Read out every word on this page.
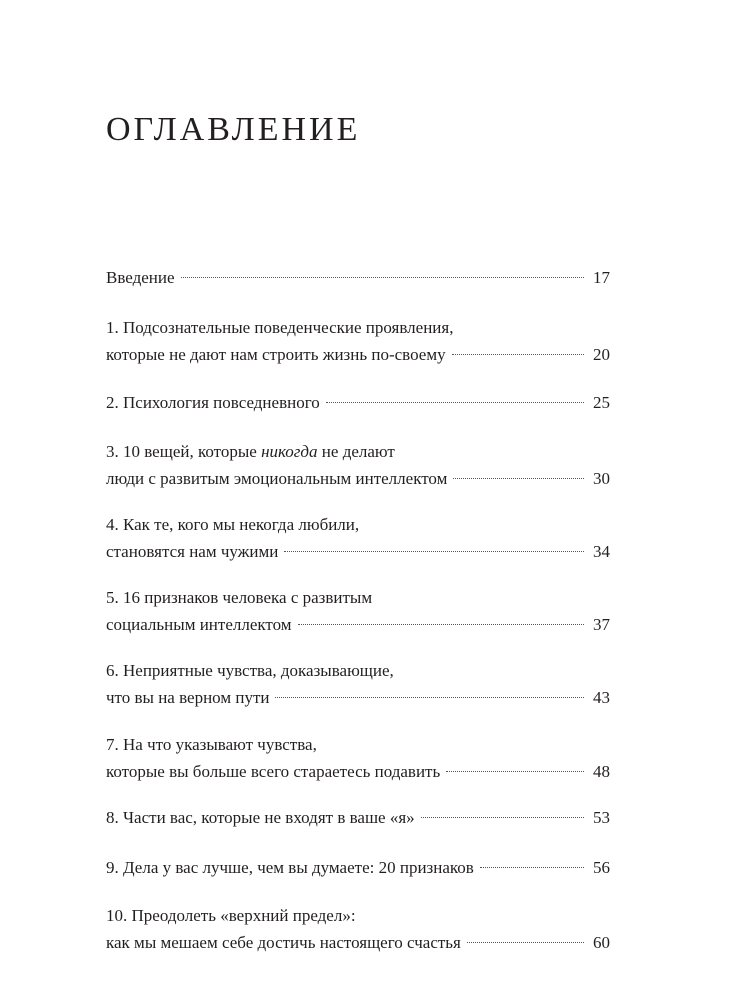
ОГЛАВЛЕНИЕ
Введение	17
1. Подсознательные поведенческие проявления,
которые не дают нам строить жизнь по-своему	20
2. Психология повседневного	25
3. 10 вещей, которые никогда не делают
люди с развитым эмоциональным интеллектом	30
4. Как те, кого мы некогда любили,
становятся нам чужими	34
5. 16 признаков человека с развитым
социальным интеллектом	37
6. Неприятные чувства, доказывающие,
что вы на верном пути	43
7. На что указывают чувства,
которые вы больше всего стараетесь подавить	48
8. Части вас, которые не входят в ваше «я»	53
9. Дела у вас лучше, чем вы думаете: 20 признаков	56
10. Преодолеть «верхний предел»:
как мы мешаем себе достичь настоящего счастья	60
